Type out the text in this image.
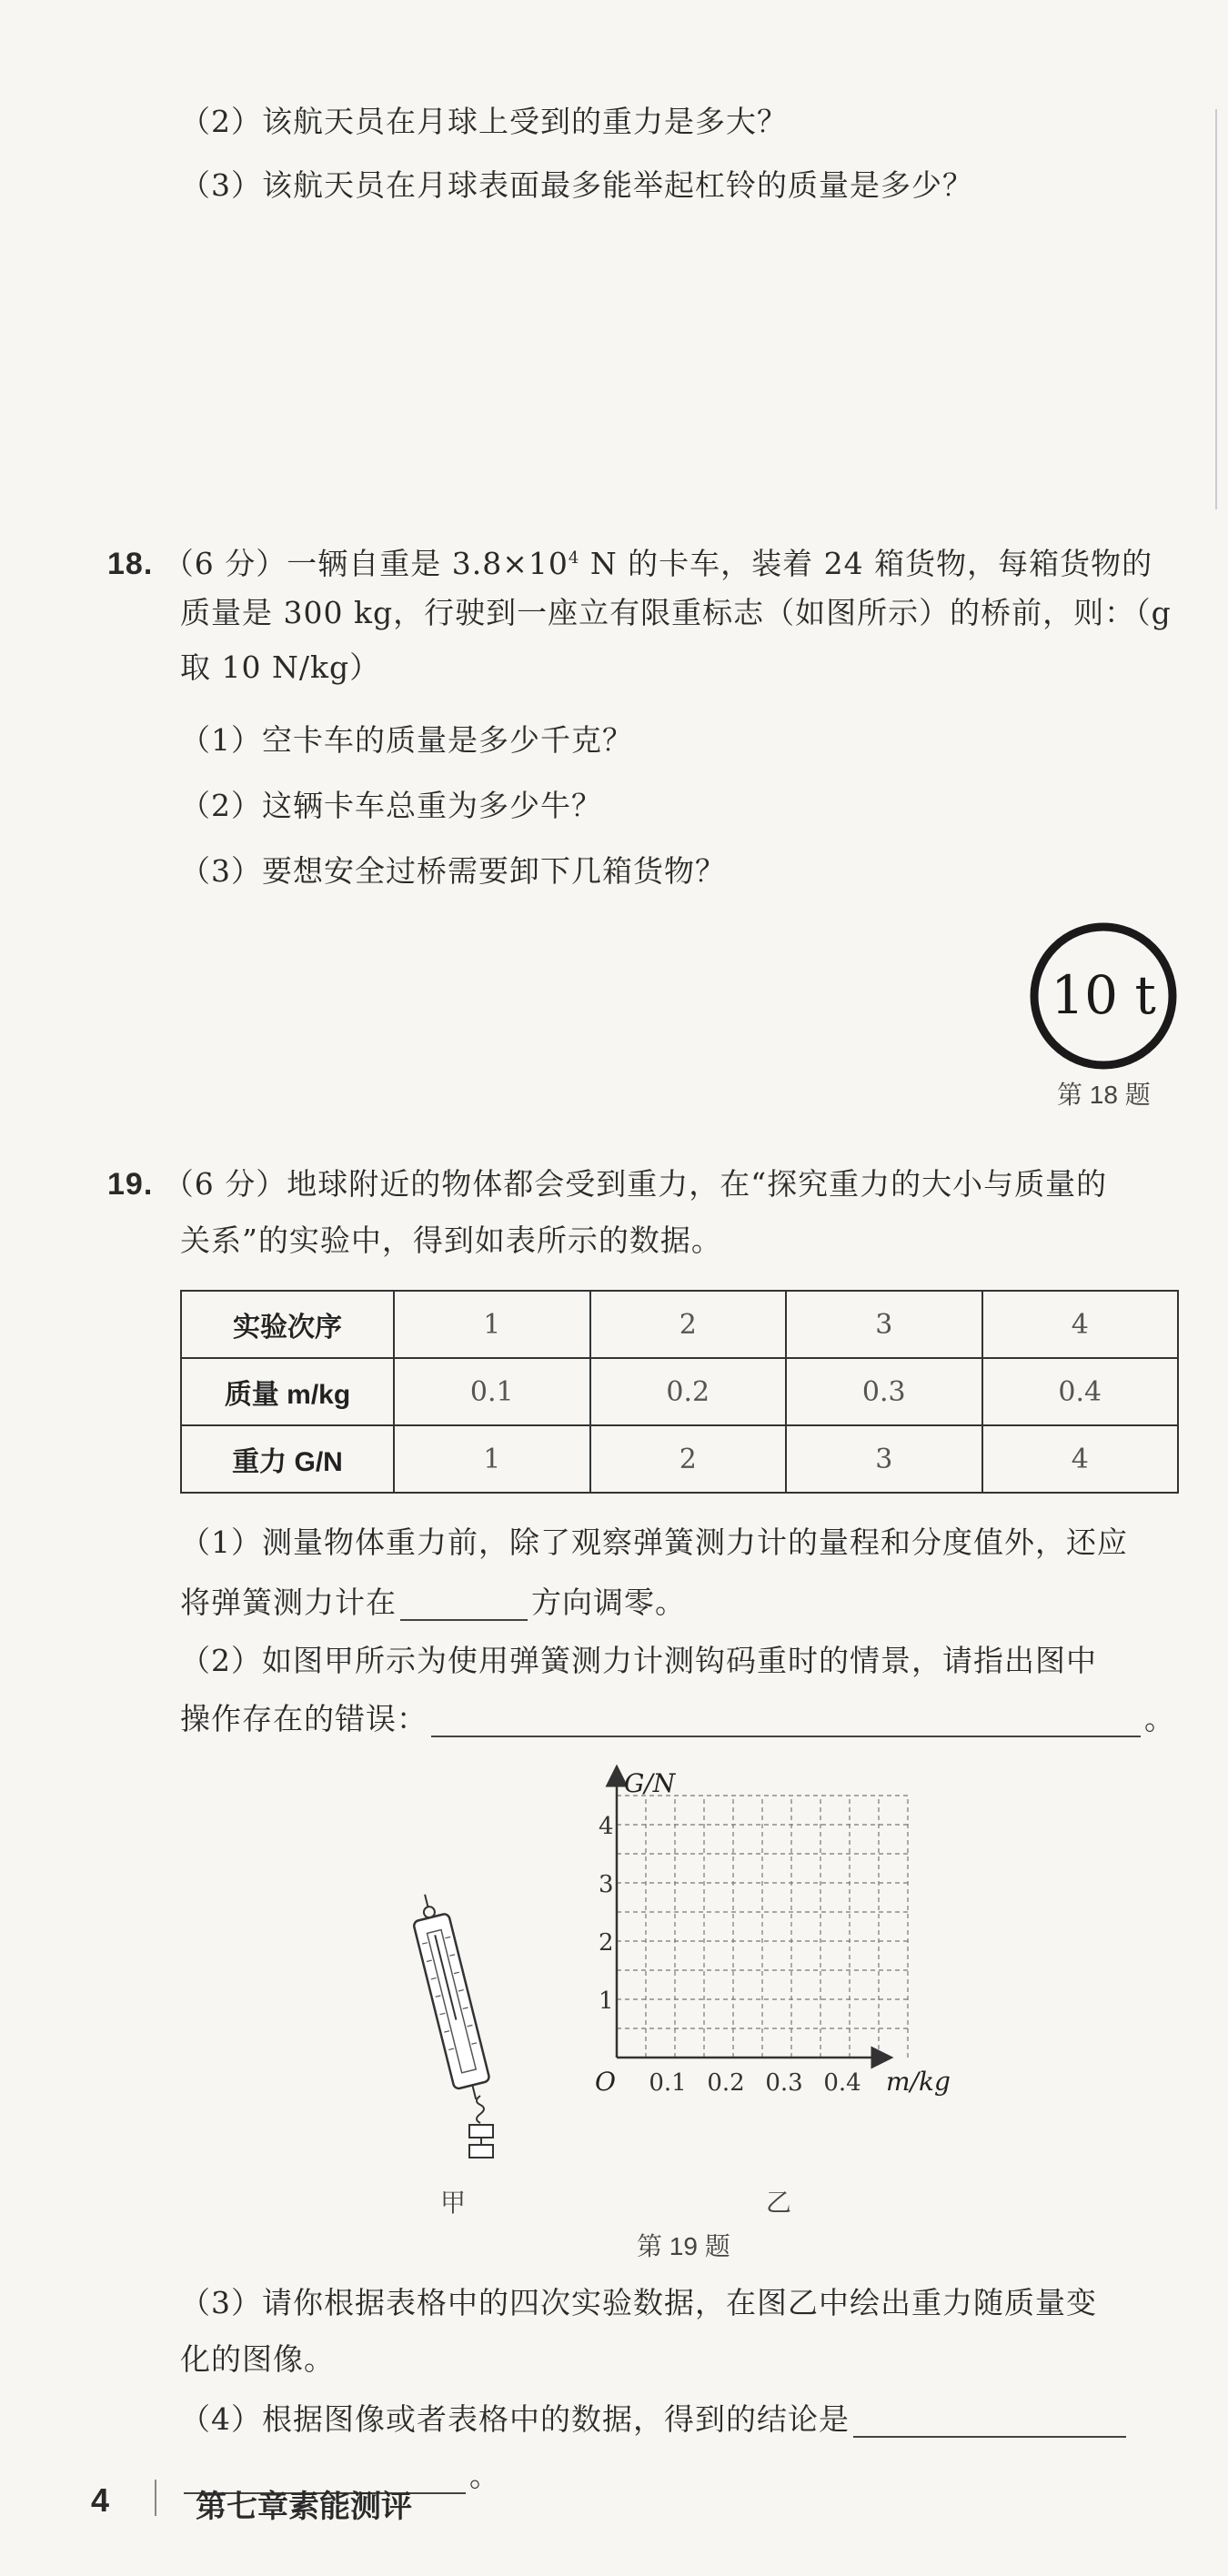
（2）该航天员在月球上受到的重力是多大？
（3）该航天员在月球表面最多能举起杠铃的质量是多少？
18. （6 分）一辆自重是 $3.8\times 10^4$ N 的卡车，装着 24 箱货物，每箱货物的
质量是 300 kg，行驶到一座立有限重标志（如图所示）的桥前，则：（g
取 10 N/kg）
（1）空卡车的质量是多少千克？
（2）这辆卡车总重为多少牛？
（3）要想安全过桥需要卸下几箱货物？
10 t
第 18 题
19. （6 分）地球附近的物体都会受到重力，在“探究重力的大小与质量的
关系”的实验中，得到如表所示的数据。
实验次序	1	2	3	4
质量 m/kg	0.1	0.2	0.3	0.4
重力 G/N	1	2	3	4
（1）测量物体重力前，除了观察弹簧测力计的量程和分度值外，还应
将弹簧测力计在	方向调零。
（2）如图甲所示为使用弹簧测力计测钩码重时的情景，请指出图中
操作存在的错误：	。
甲
G/N
m/kg
O
1
2
3
4
0.1 0.2 0.3 0.4
乙
第 19 题
（3）请你根据表格中的四次实验数据，在图乙中绘出重力随质量变
化的图像。
（4）根据图像或者表格中的数据，得到的结论是
。
4	第七章素能测评
